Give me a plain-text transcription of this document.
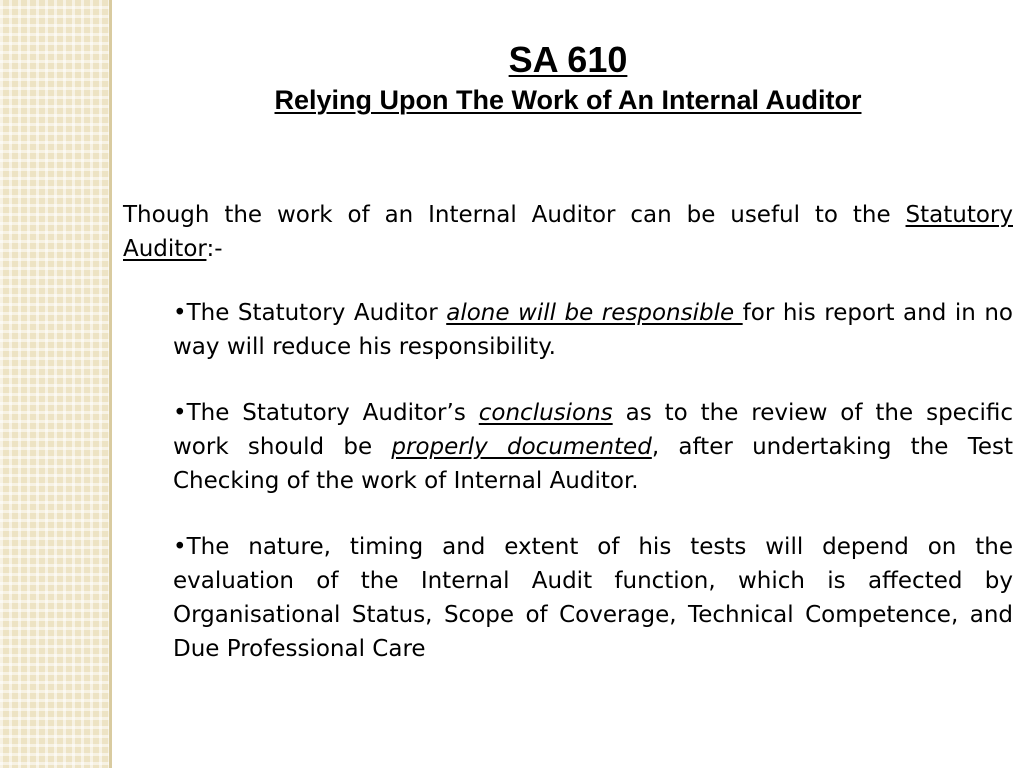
SA 610
Relying Upon The Work of An Internal Auditor

Though the work of an Internal Auditor can be useful to the Statutory Auditor:-

•The Statutory Auditor alone will be responsible for his report and in no way will reduce his responsibility.
•The Statutory Auditor’s conclusions as to the review of the specific work should be properly documented, after undertaking the Test Checking of the work of Internal Auditor.
•The nature, timing and extent of his tests will depend on the evaluation of the Internal Audit function, which is affected by Organisational Status, Scope of Coverage, Technical Competence, and Due Professional Care
